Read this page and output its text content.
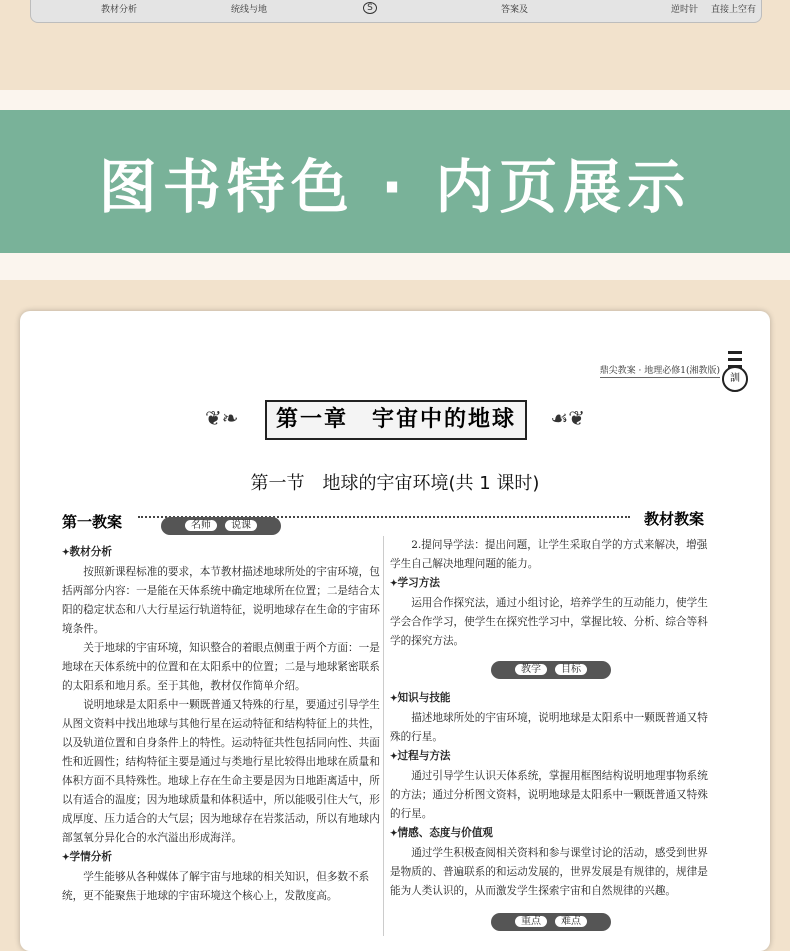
教材分析	统线与地	S	答案及	逆时针 直接上空有
图书特色 · 内页展示
鼎尖教案 · 地理必修1(湘教版)
訓
❦❧	第一章　宇宙中的地球	☙❦
第一节　地球的宇宙环境(共 1 课时)
第一教案	教材教案
名师 说课

✦ 教材分析

按照新课程标准的要求，本节教材描述地球所处的宇宙环境，包括两部分内容：一是能在天体系统中确定地球所在位置；二是结合太阳的稳定状态和八大行星运行轨道特征，说明地球存在生命的宇宙环境条件。

关于地球的宇宙环境，知识整合的着眼点侧重于两个方面：一是地球在天体系统中的位置和在太阳系中的位置；二是与地球紧密联系的太阳系和地月系。至于其他，教材仅作简单介绍。

说明地球是太阳系中一颗既普通又特殊的行星，要通过引导学生从图文资料中找出地球与其他行星在运动特征和结构特征上的共性，以及轨道位置和自身条件上的特性。运动特征共性包括同向性、共面性和近圆性；结构特征主要是通过与类地行星比较得出地球在质量和体积方面不具特殊性。地球上存在生命主要是因为日地距离适中，所以有适合的温度；因为地球质量和体积适中，所以能吸引住大气，形成厚度、压力适合的大气层；因为地球存在岩浆活动，所以有地球内部氢氧分异化合的水汽溢出形成海洋。

✦ 学情分析

学生能够从各种媒体了解宇宙与地球的相关知识，但多数不系统，更不能聚焦于地球的宇宙环境这个核心上，发散度高。

2.提问导学法：提出问题，让学生采取自学的方式来解决，增强学生自己解决地理问题的能力。

✦ 学习方法

运用合作探究法，通过小组讨论，培养学生的互动能力，使学生学会合作学习，使学生在探究性学习中，掌握比较、分析、综合等科学的探究方法。

教学 目标

✦ 知识与技能

描述地球所处的宇宙环境，说明地球是太阳系中一颗既普通又特殊的行星。

✦ 过程与方法

通过引导学生认识天体系统，掌握用框图结构说明地理事物系统的方法；通过分析图文资料，说明地球是太阳系中一颗既普通又特殊的行星。

✦ 情感、态度与价值观

通过学生积极查阅相关资料和参与课堂讨论的活动，感受到世界是物质的、普遍联系的和运动发展的，世界发展是有规律的，规律是能为人类认识的，从而激发学生探索宇宙和自然规律的兴趣。

重点 难点
